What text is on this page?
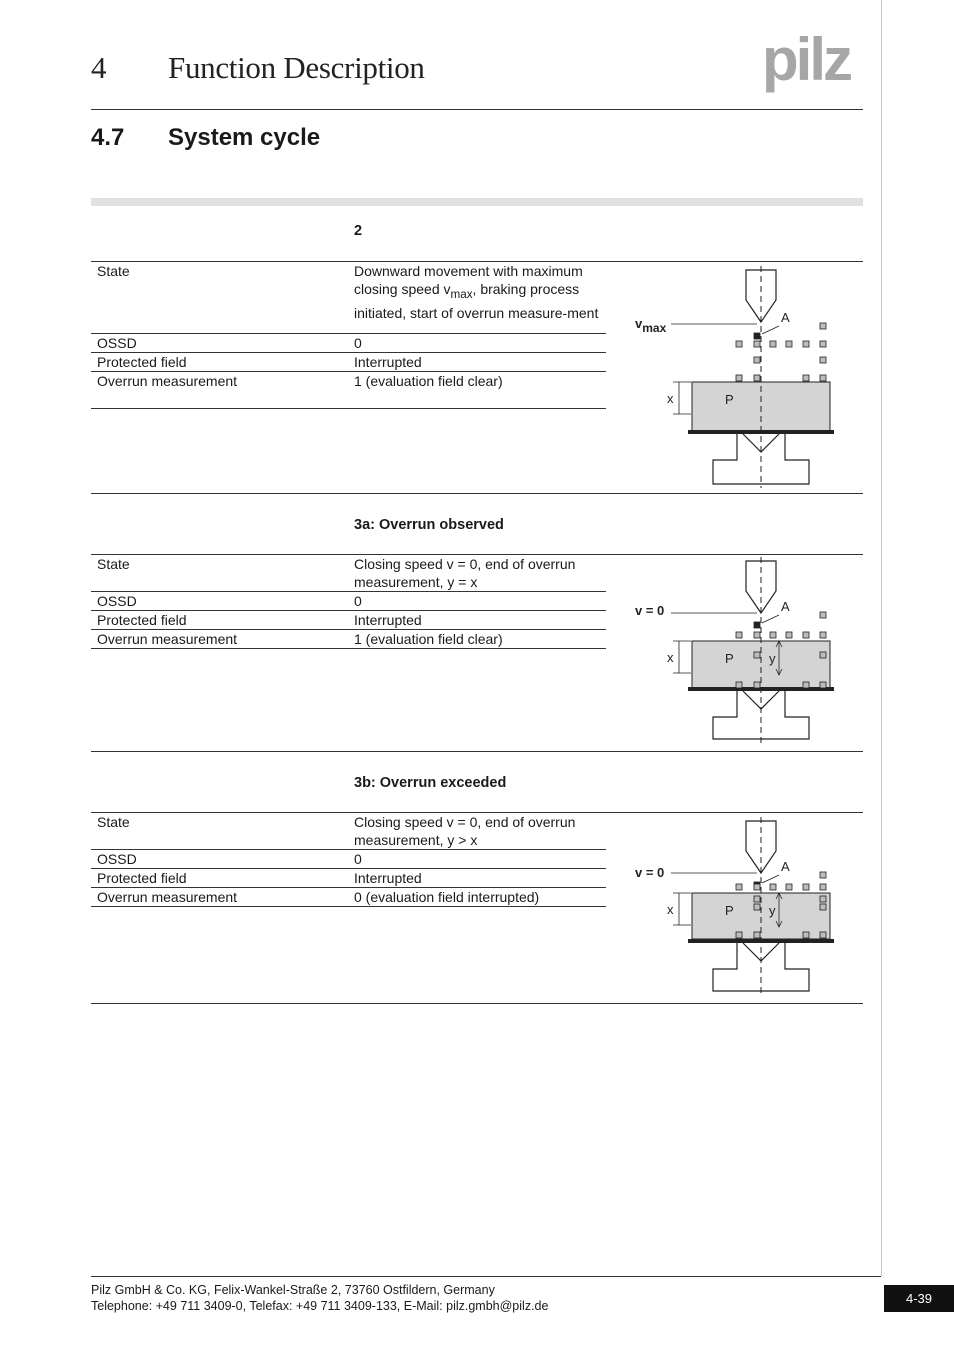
4 Function Description	pilz
4.7 System cycle
2
State	Downward movement with maximum closing speed $v_{max}$, braking process initiated, start of overrun measure-ment
OSSD	0
Protected field	Interrupted
Overrun measurement	1 (evaluation field clear)
vmax
A
P
x
3a: Overrun observed
State	Closing speed v = 0, end of overrun measurement, y = x
OSSD	0
Protected field	Interrupted
Overrun measurement	1 (evaluation field clear)
v = 0	A
P
x	y
3b: Overrun exceeded
State	Closing speed v = 0, end of overrun measurement, y > x
OSSD	0
Protected field	Interrupted
Overrun measurement	0 (evaluation field interrupted)
v = 0	A
P
x	y
Pilz GmbH & Co. KG, Felix-Wankel-Straße 2, 73760 Ostfildern, Germany
Telephone: +49 711 3409-0, Telefax: +49 711 3409-133, E-Mail: pilz.gmbh@pilz.de	4-39
